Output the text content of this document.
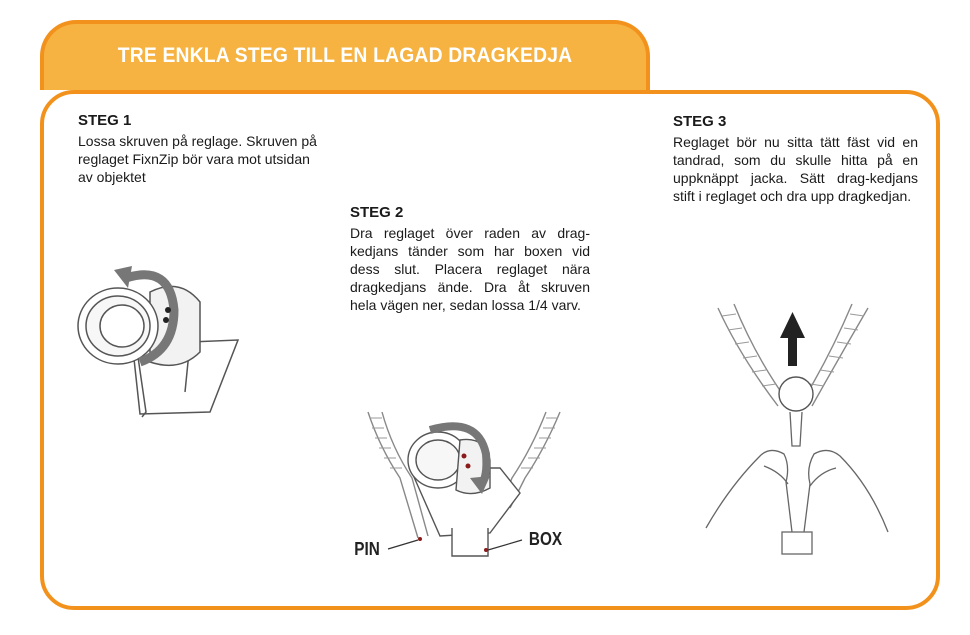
TRE ENKLA STEG TILL EN LAGAD DRAGKEDJA
STEG 1
Lossa skruven på reglage. Skruven på reglaget FixnZip bör vara mot utsidan av objektet
STEG 2
Dra reglaget över raden av drag-kedjans tänder som har boxen vid dess slut. Placera reglaget nära dragkedjans ände. Dra åt skruven hela vägen ner, sedan lossa 1/4 varv.
STEG 3
Reglaget bör nu sitta tätt fäst vid en tandrad, som du skulle hitta på en uppknäppt jacka. Sätt drag-kedjans stift i reglaget och dra upp dragkedjan.
PIN	BOX
